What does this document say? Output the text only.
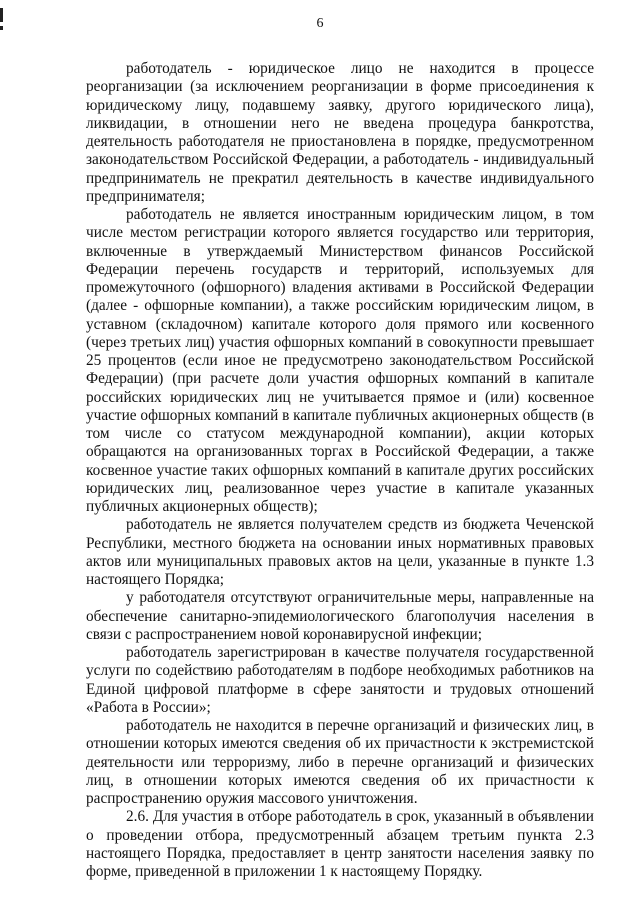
6

работодатель - юридическое лицо не находится в процессе реорганизации (за исключением реорганизации в форме присоединения к юридическому лицу, подавшему заявку, другого юридического лица), ликвидации, в отношении него не введена процедура банкротства, деятельность работодателя не приостановлена в порядке, предусмотренном законодательством Российской Федерации, а работодатель - индивидуальный предприниматель не прекратил деятельность в качестве индивидуального предпринимателя;

работодатель не является иностранным юридическим лицом, в том числе местом регистрации которого является государство или территория, включенные в утверждаемый Министерством финансов Российской Федерации перечень государств и территорий, используемых для промежуточного (офшорного) владения активами в Российской Федерации (далее - офшорные компании), а также российским юридическим лицом, в уставном (складочном) капитале которого доля прямого или косвенного (через третьих лиц) участия офшорных компаний в совокупности превышает 25 процентов (если иное не предусмотрено законодательством Российской Федерации) (при расчете доли участия офшорных компаний в капитале российских юридических лиц не учитывается прямое и (или) косвенное участие офшорных компаний в капитале публичных акционерных обществ (в том числе со статусом международной компании), акции которых обращаются на организованных торгах в Российской Федерации, а также косвенное участие таких офшорных компаний в капитале других российских юридических лиц, реализованное через участие в капитале указанных публичных акционерных обществ);

работодатель не является получателем средств из бюджета Чеченской Республики, местного бюджета на основании иных нормативных правовых актов или муниципальных правовых актов на цели, указанные в пункте 1.3 настоящего Порядка;

у работодателя отсутствуют ограничительные меры, направленные на обеспечение санитарно-эпидемиологического благополучия населения в связи с распространением новой коронавирусной инфекции;

работодатель зарегистрирован в качестве получателя государственной услуги по содействию работодателям в подборе необходимых работников на Единой цифровой платформе в сфере занятости и трудовых отношений «Работа в России»;

работодатель не находится в перечне организаций и физических лиц, в отношении которых имеются сведения об их причастности к экстремистской деятельности или терроризму, либо в перечне организаций и физических лиц, в отношении которых имеются сведения об их причастности к распространению оружия массового уничтожения.

2.6. Для участия в отборе работодатель в срок, указанный в объявлении о проведении отбора, предусмотренный абзацем третьим пункта 2.3 настоящего Порядка, предоставляет в центр занятости населения заявку по форме, приведенной в приложении 1 к настоящему Порядку.
